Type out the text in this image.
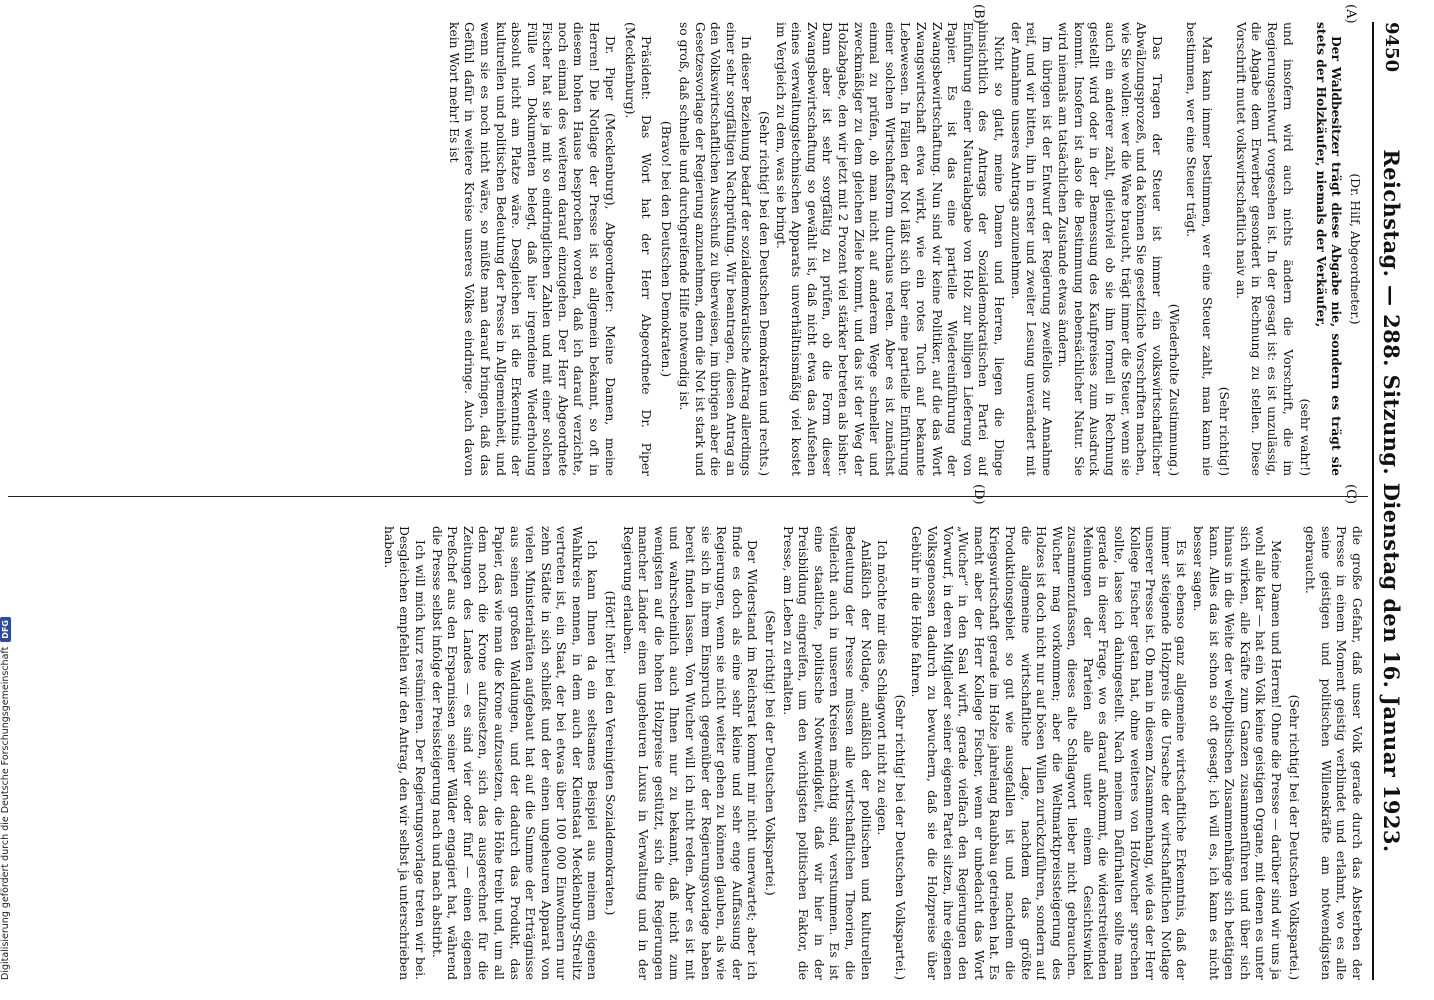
9450
Reichstag. — 288. Sitzung. Dienstag den 16. Januar 1923.
(A)
(B)
(C)
(D)

(Dr. Hilf, Abgeordneter.)

Der Waldbesitzer trägt diese Abgabe nie, sondern es trägt sie stets der Holzkäufer, niemals der Verkäufer,

(sehr wahr!)

und insofern wird auch nichts ändern die Vorschrift, die im Regierungsentwurf vorgesehen ist. In der gesagt ist: es ist unzulässig, die Abgabe dem Erwerber gesondert in Rechnung zu stellen. Diese Vorschrift mutet volkswirtschaftlich naiv an.

(Sehr richtig!)

Man kann immer bestimmen, wer eine Steuer zahlt, man kann nie bestimmen, wer eine Steuer trägt.

(Wiederholte Zustimmung.)

Das Tragen der Steuer ist immer ein volkswirtschaftlicher Abwälzungsprozeß, und da können Sie gesetzliche Vorschriften machen, wie Sie wollen: wer die Ware braucht, trägt immer die Steuer, wenn sie auch ein anderer zahlt, gleichviel ob sie ihm formell in Rechnung gestellt wird oder in der Bemessung des Kaufpreises zum Ausdruck kommt. Insofern ist also die Bestimmung nebensächlicher Natur. Sie wird niemals am tatsächlichen Zustande etwas ändern.

Im übrigen ist der Entwurf der Regierung zweifellos zur Annahme reif, und wir bitten, ihn in erster und zweiter Lesung unverändert mit der Annahme unseres Antrags anzunehmen.

Nicht so glatt, meine Damen und Herren, liegen die Dinge hinsichtlich des Antrags der Sozialdemokratischen Partei auf Einführung einer Naturalabgabe von Holz zur billigen Lieferung von Papier. Es ist das eine partielle Wiedereinführung der Zwangsbewirtschaftung. Nun sind wir keine Politiker, auf die das Wort Zwangswirtschaft etwa wirkt, wie ein rotes Tuch auf bekannte Lebewesen. In Fällen der Not läßt sich über eine partielle Einführung einer solchen Wirtschaftsform durchaus reden. Aber es ist zunächst einmal zu prüfen, ob man nicht auf anderem Wege schneller und zweckmäßiger zu dem gleichen Ziele kommt, und das ist der Weg der Holzabgabe, den wir jetzt mit 2 Prozent viel stärker betreten als bisher. Dann aber ist sehr sorgfältig zu prüfen, ob die Form dieser Zwangsbewirtschaftung so gewählt ist, daß nicht etwa das Aufsehen eines verwaltungstechnischen Apparats unverhältnismäßig viel kostet im Vergleich zu dem, was sie bringt.

(Sehr richtig! bei den Deutschen Demokraten und rechts.)

In dieser Beziehung bedarf der sozialdemokratische Antrag allerdings einer sehr sorgfältigen Nachprüfung. Wir beantragen, diesen Antrag an den Volkswirtschaftlichen Ausschuß zu überweisen, im übrigen aber die Gesetzesvorlage der Regierung anzunehmen, denn die Not ist stark und so groß, daß schnelle und durchgreifende Hilfe notwendig ist.

(Bravo! bei den Deutschen Demokraten.)

Präsident: Das Wort hat der Herr Abgeordnete Dr. Piper (Mecklenburg).

Dr. Piper (Mecklenburg), Abgeordneter: Meine Damen, meine Herren! Die Notlage der Presse ist so allgemein bekannt, so oft in diesem hohen Hause besprochen worden, daß ich darauf verzichte, noch einmal des weiteren darauf einzugehen. Der Herr Abgeordnete Fischer hat sie ja mit so eindringlichen Zahlen und mit einer solchen Fülle von Dokumenten belegt, daß hier irgendeine Wiederholung absolut nicht am Platze wäre. Desgleichen ist die Erkenntnis der kulturellen und politischen Bedeutung der Presse in Allgemeinheit, und wenn sie es noch nicht wäre, so müßte man darauf bringen, daß das Gefühl dafür in weitere Kreise unseres Volkes eindringe. Auch davon kein Wort mehr! Es ist

die große Gefahr, daß unser Volk gerade durch das Absterben der Presse in einem Moment geistig verblindet und erlahmt, wo es alle seine geistigen und politischen Willenskräfte am notwendigsten gebraucht.

(Sehr richtig! bei der Deutschen Volkspartei.)

Meine Damen und Herren! Ohne die Presse — darüber sind wir uns ja wohl alle klar — hat ein Volk keine geistigen Organe, mit denen es unter sich wirken, alle Kräfte zum Ganzen zusammenführen und über sich hinaus in die Weite der weltpolitischen Zusammenhänge sich betätigen kann. Alles das ist schon so oft gesagt; ich will es, ich kann es nicht besser sagen.

Es ist ebenso ganz allgemeine wirtschaftliche Erkenntnis, daß der immer steigende Holzpreis die Ursache der wirtschaftlichen Notlage unserer Presse ist. Ob man in diesem Zusammenhang, wie das der Herr Kollege Fischer getan hat, ohne weiteres von Holzwucher sprechen sollte, lasse ich dahingestellt. Nach meinem Dafürhalten sollte man gerade in dieser Frage, wo es darauf ankommt, die widerstreitenden Meinungen der Parteien alle unter einem Gesichtswinkel zusammenzufassen, dieses alte Schlagwort lieber nicht gebrauchen. Wucher mag vorkommen; aber die Weltmarktpreissteigerung des Holzes ist doch nicht nur auf bösen Willen zurückzuführen, sondern auf die allgemeine wirtschaftliche Lage, nachdem das größte Produktionsgebiet so gut wie ausgefallen ist und nachdem die Kriegswirtschaft gerade im Holze jahrelang Raubbau getrieben hat. Es macht aber der Herr Kollege Fischer, wenn er unbedacht das Wort „Wucher“ in den Saal wirft, gerade vielfach den Regierungen den Vorwurf, in deren Mitglieder seiner eigenen Partei sitzen, ihre eigenen Volksgenossen dadurch zu bewuchern, daß sie die Holzpreise über Gebühr in die Höhe fahren.

(Sehr richtig! bei der Deutschen Volkspartei.)

Ich möchte mir dies Schlagwort nicht zu eigen.

Anläßlich der Notlage, anläßlich der politischen und kulturellen Bedeutung der Presse müssen alle wirtschaftlichen Theorien, die vielleicht auch in unseren Kreisen mächtig sind, verstummen. Es ist eine staatliche, politische Notwendigkeit, daß wir hier in der Preisbildung eingreifen, um den wichtigsten politischen Faktor, die Presse, am Leben zu erhalten.

(Sehr richtig! bei der Deutschen Volkspartei.)

Der Widerstand im Reichsrat kommt mir nicht unerwartet; aber ich finde es doch als eine sehr kleine und sehr enge Auffassung der Regierungen, wenn sie nicht weiter gehen zu können glauben, als wie sie sich in ihrem Einspruch gegenüber der Regierungsvorlage haben bereit finden lassen. Von Wucher will ich nicht reden. Aber es ist mit und wahrscheinlich auch Ihnen nur zu bekannt, daß nicht zum wenigsten auf die hohen Holzpreise gestützt, sich die Regierungen mancher Länder einen ungeheuren Luxus in Verwaltung und in der Regierung erlauben.

(Hört! hört! bei den Vereinigten Sozialdemokraten.)

Ich kann Ihnen da ein seltsames Beispiel aus meinem eigenen Wahlkreis nennen, in dem auch der Kleinstaat Mecklenburg-Strelitz vertreten ist, ein Staat, der bei etwas über 100 000 Einwohnern nur zehn Städte in sich schließt und der einen ungeheuren Apparat von vielen Ministerialräten aufgebaut hat auf die Summe der Erträgnisse aus seinen großen Waldungen, und der dadurch das Produkt, das Papier, das wie man die Krone aufzusetzen, die Höhe treibt und, um all dem noch die Krone aufzusetzen, sich das ausgerechnet für die Zeitungen des Landes — es sind vier oder fünf — einen eigenen Preßchef aus den Ersparnissen seiner Wälder engagiert hat, während die Presse selbst infolge der Preissteigerung nach und nach abstirbt.

Ich will mich kurz resümieren. Der Regierungsvorlage treten wir bei. Desgleichen empfehlen wir den Antrag, den wir selbst ja unterschrieben haben.

Digitalisierung gefördert durch die Deutsche Forschungsgemeinschaft
DFG
